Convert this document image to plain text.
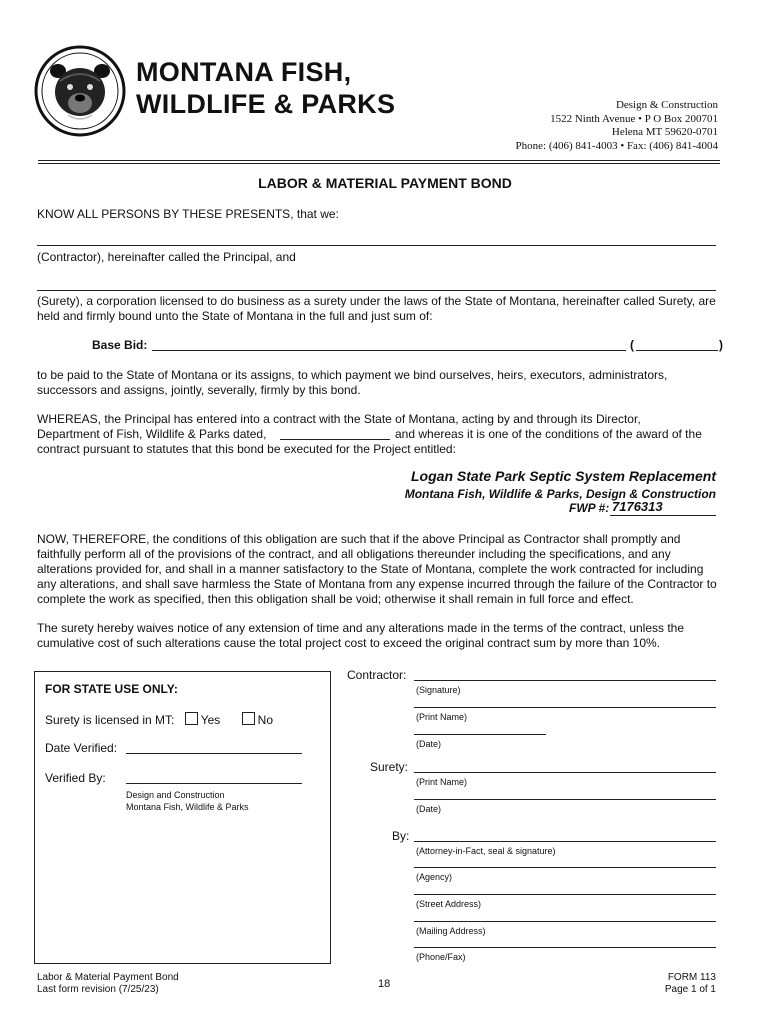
MONTANA FISH,
WILDLIFE & PARKS	Design & Construction
1522 Ninth Avenue • P O Box 200701
Helena MT 59620-0701
Phone: (406) 841-4003 • Fax: (406) 841-4004
LABOR & MATERIAL PAYMENT BOND
KNOW ALL PERSONS BY THESE PRESENTS, that we:
(Contractor), hereinafter called the Principal, and
(Surety), a corporation licensed to do business as a surety under the laws of the State of Montana, hereinafter called Surety, are held and firmly bound unto the State of Montana in the full and just sum of:
Base Bid:	(	)
to be paid to the State of Montana or its assigns, to which payment we bind ourselves, heirs, executors, administrators, successors and assigns, jointly, severally, firmly by this bond.
WHEREAS, the Principal has entered into a contract with the State of Montana, acting by and through its Director,
Department of Fish, Wildlife & Parks dated,	and whereas it is one of the conditions of the award of the
contract pursuant to statutes that this bond be executed for the Project entitled:
Logan State Park Septic System Replacement
Montana Fish, Wildlife & Parks, Design & Construction
FWP #: 7176313
NOW, THEREFORE, the conditions of this obligation are such that if the above Principal as Contractor shall promptly and faithfully perform all of the provisions of the contract, and all obligations thereunder including the specifications, and any alterations provided for, and shall in a manner satisfactory to the State of Montana, complete the work contracted for including any alterations, and shall save harmless the State of Montana from any expense incurred through the failure of the Contractor to complete the work as specified, then this obligation shall be void; otherwise it shall remain in full force and effect.
The surety hereby waives notice of any extension of time and any alterations made in the terms of the contract, unless the cumulative cost of such alterations cause the total project cost to exceed the original contract sum by more than 10%.
FOR STATE USE ONLY:
Surety is licensed in MT: Yes	No
Date Verified:
Verified By:
Design and Construction
Montana Fish, Wildlife & Parks
Contractor:
(Signature)
(Print Name)
(Date)
Surety:
(Print Name)
(Date)
By:
(Attorney-in-Fact, seal & signature)
(Agency)
(Street Address)
(Mailing Address)
(Phone/Fax)
Labor & Material Payment Bond
Last form revision (7/25/23)	18
FORM 113
Page 1 of 1
